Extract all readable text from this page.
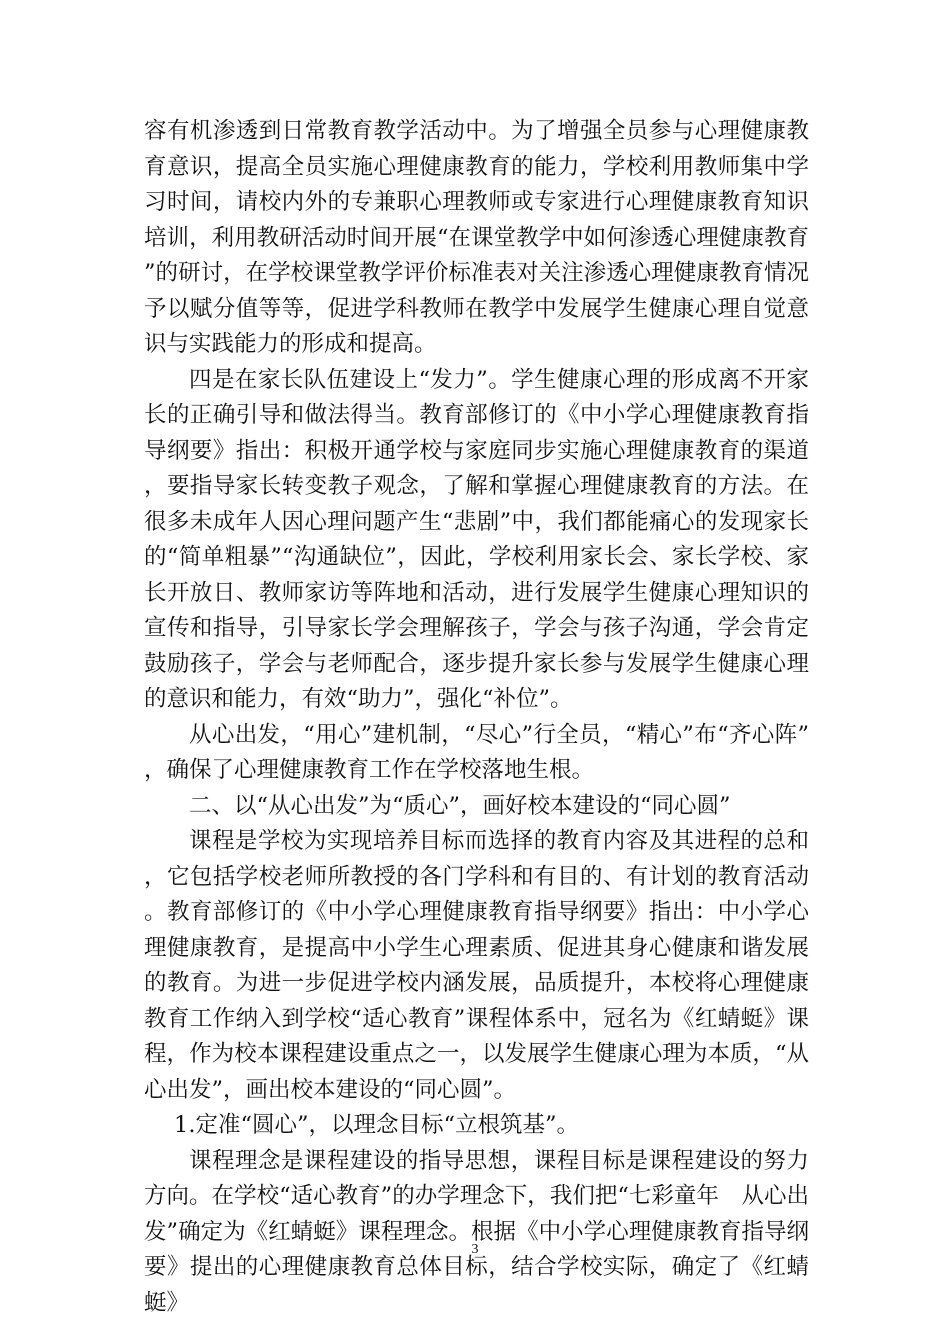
容有机渗透到日常教育教学活动中。为了增强全员参与心理健康教育意识，提高全员实施心理健康教育的能力，学校利用教师集中学习时间，请校内外的专兼职心理教师或专家进行心理健康教育知识培训，利用教研活动时间开展“在课堂教学中如何渗透心理健康教育”的研讨，在学校课堂教学评价标准表对关注渗透心理健康教育情况予以赋分值等等，促进学科教师在教学中发展学生健康心理自觉意识与实践能力的形成和提高。

四是在家长队伍建设上“发力”。学生健康心理的形成离不开家长的正确引导和做法得当。教育部修订的《中小学心理健康教育指导纲要》指出：积极开通学校与家庭同步实施心理健康教育的渠道，要指导家长转变教子观念，了解和掌握心理健康教育的方法。在很多未成年人因心理问题产生“悲剧”中，我们都能痛心的发现家长的“简单粗暴”“沟通缺位”，因此，学校利用家长会、家长学校、家长开放日、教师家访等阵地和活动，进行发展学生健康心理知识的宣传和指导，引导家长学会理解孩子，学会与孩子沟通，学会肯定鼓励孩子，学会与老师配合，逐步提升家长参与发展学生健康心理的意识和能力，有效“助力”，强化“补位”。

从心出发，“用心”建机制，“尽心”行全员，“精心”布“齐心阵”，确保了心理健康教育工作在学校落地生根。

二、以“从心出发”为“质心”，画好校本建设的“同心圆”

课程是学校为实现培养目标而选择的教育内容及其进程的总和，它包括学校老师所教授的各门学科和有目的、有计划的教育活动。教育部修订的《中小学心理健康教育指导纲要》指出：中小学心理健康教育，是提高中小学生心理素质、促进其身心健康和谐发展的教育。为进一步促进学校内涵发展，品质提升，本校将心理健康教育工作纳入到学校“适心教育”课程体系中，冠名为《红蜻蜓》课程，作为校本课程建设重点之一，以发展学生健康心理为本质，“从心出发”，画出校本建设的“同心圆”。

1.定准“圆心”，以理念目标“立根筑基”。

课程理念是课程建设的指导思想，课程目标是课程建设的努力方向。在学校“适心教育”的办学理念下，我们把“七彩童年　从心出发”确定为《红蜻蜓》课程理念。根据《中小学心理健康教育指导纲要》提出的心理健康教育总体目标，结合学校实际，确定了《红蜻蜓》

3
